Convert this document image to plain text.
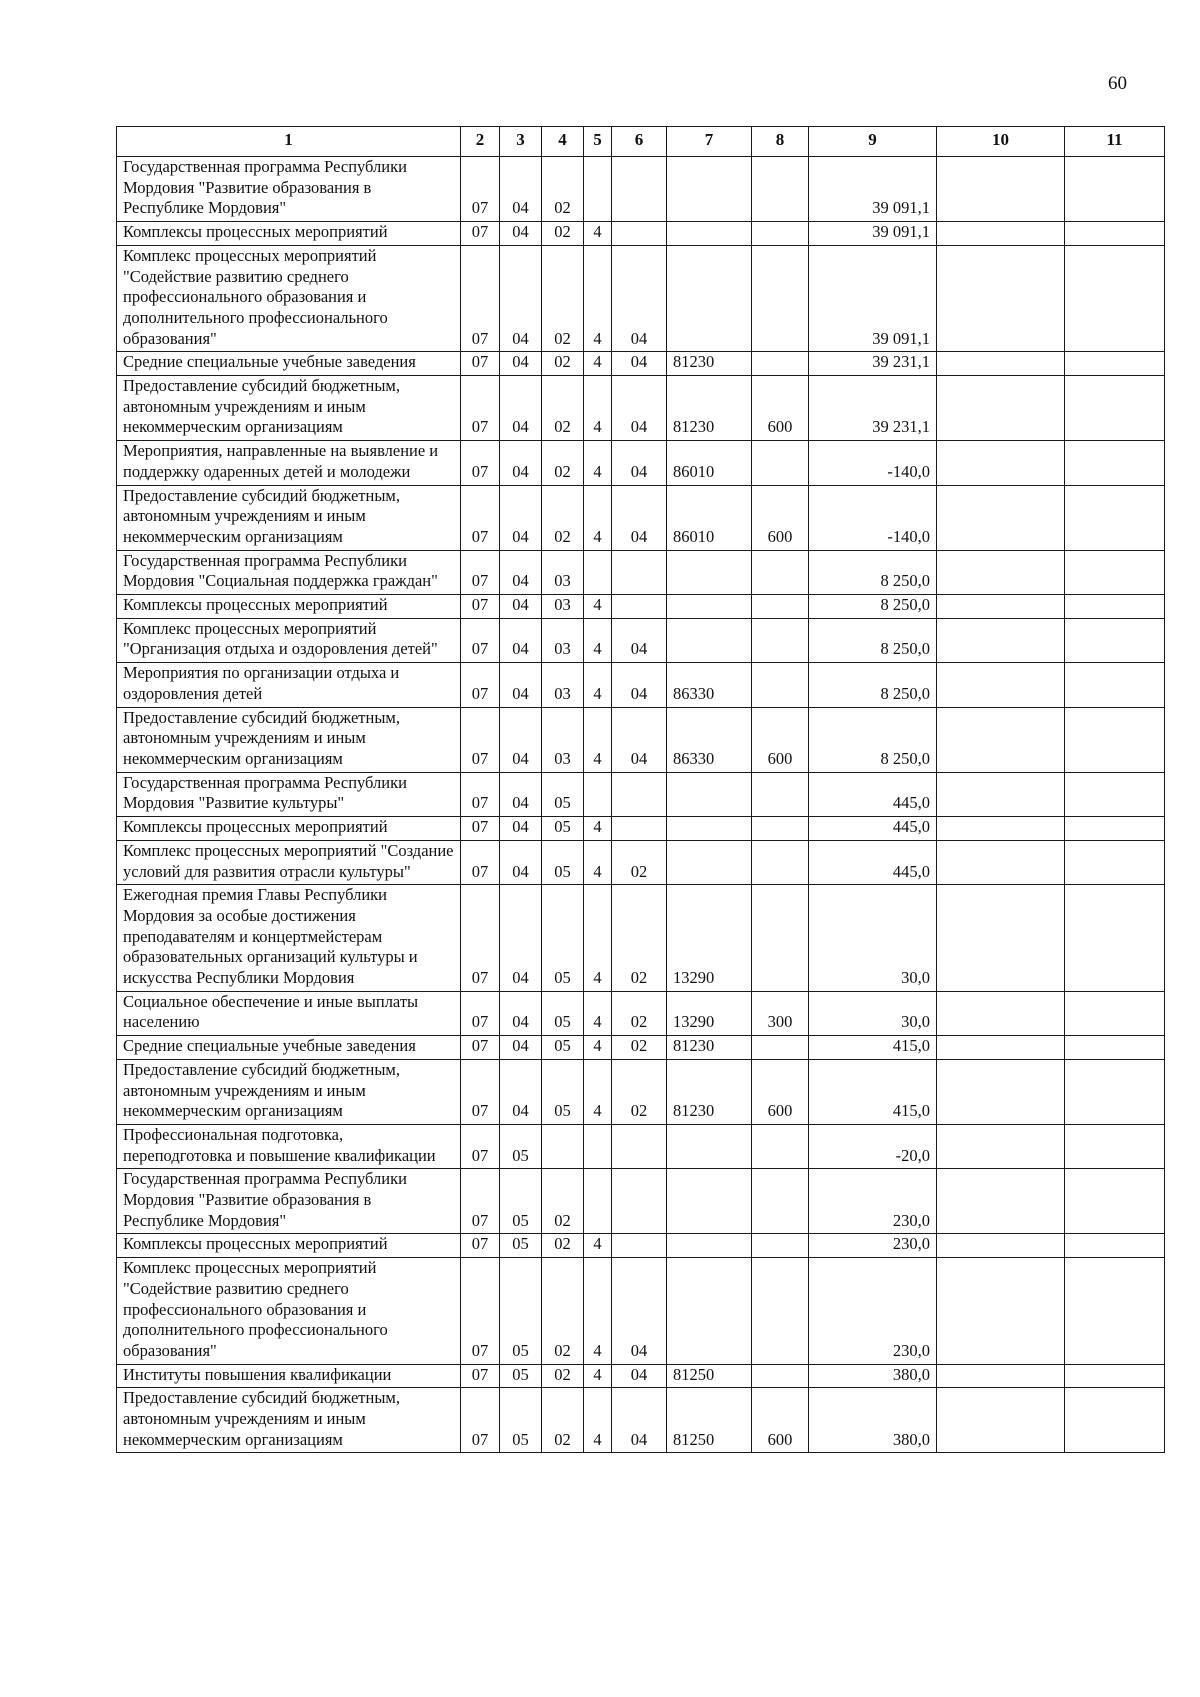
60
1	2	3	4	5	6	7	8	9	10	11
Государственная программа Республики Мордовия "Развитие образования в Республике Мордовия"	07	04	02					39 091,1		
Комплексы процессных мероприятий	07	04	02	4				39 091,1		
Комплекс процессных мероприятий "Содействие развитию среднего профессионального образования и дополнительного профессионального образования"	07	04	02	4	04			39 091,1		
Средние специальные учебные заведения	07	04	02	4	04	81230		39 231,1		
Предоставление субсидий бюджетным, автономным учреждениям и иным некоммерческим организациям	07	04	02	4	04	81230	600	39 231,1		
Мероприятия, направленные на выявление и поддержку одаренных детей и молодежи	07	04	02	4	04	86010		-140,0		
Предоставление субсидий бюджетным, автономным учреждениям и иным некоммерческим организациям	07	04	02	4	04	86010	600	-140,0		
Государственная программа Республики Мордовия "Социальная поддержка граждан"	07	04	03					8 250,0		
Комплексы процессных мероприятий	07	04	03	4				8 250,0		
Комплекс процессных мероприятий "Организация отдыха и оздоровления детей"	07	04	03	4	04			8 250,0		
Мероприятия по организации отдыха и оздоровления детей	07	04	03	4	04	86330		8 250,0		
Предоставление субсидий бюджетным, автономным учреждениям и иным некоммерческим организациям	07	04	03	4	04	86330	600	8 250,0		
Государственная программа Республики Мордовия "Развитие культуры"	07	04	05					445,0		
Комплексы процессных мероприятий	07	04	05	4				445,0		
Комплекс процессных мероприятий "Создание условий для развития отрасли культуры"	07	04	05	4	02			445,0		
Ежегодная премия Главы Республики Мордовия за особые достижения преподавателям и концертмейстерам образовательных организаций культуры и искусства Республики Мордовия	07	04	05	4	02	13290		30,0		
Социальное обеспечение и иные выплаты населению	07	04	05	4	02	13290	300	30,0		
Средние специальные учебные заведения	07	04	05	4	02	81230		415,0		
Предоставление субсидий бюджетным, автономным учреждениям и иным некоммерческим организациям	07	04	05	4	02	81230	600	415,0		
Профессиональная подготовка, переподготовка и повышение квалификации	07	05						-20,0		
Государственная программа Республики Мордовия "Развитие образования в Республике Мордовия"	07	05	02					230,0		
Комплексы процессных мероприятий	07	05	02	4				230,0		
Комплекс процессных мероприятий "Содействие развитию среднего профессионального образования и дополнительного профессионального образования"	07	05	02	4	04			230,0		
Институты повышения квалификации	07	05	02	4	04	81250		380,0		
Предоставление субсидий бюджетным, автономным учреждениям и иным некоммерческим организациям	07	05	02	4	04	81250	600	380,0		
